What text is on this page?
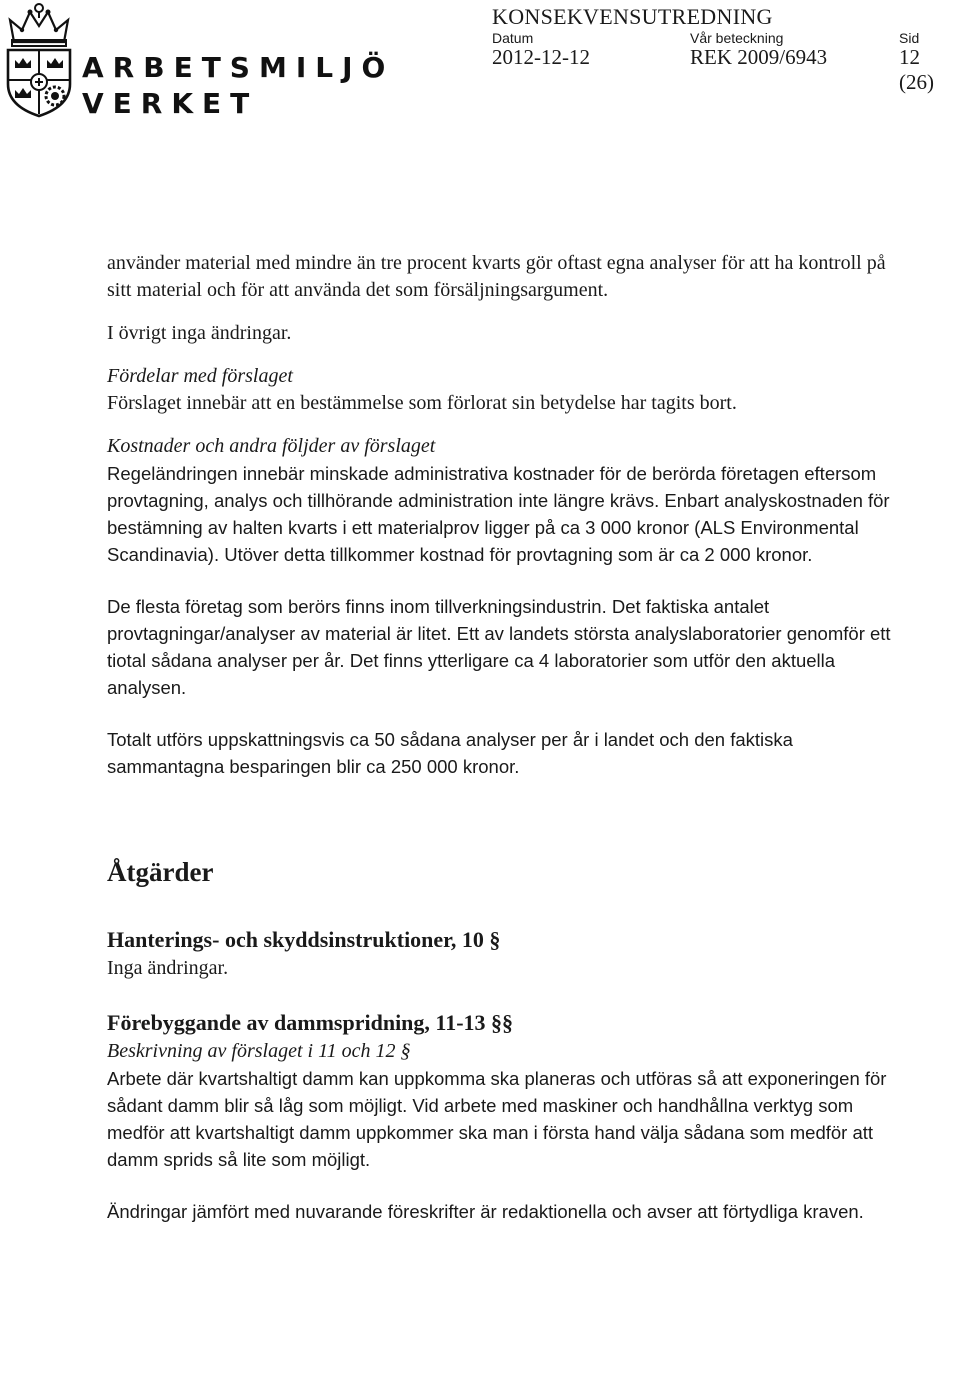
ARBETSMILJÖ
VERKET
KONSEKVENSUTREDNING
Datum
2012-12-12
Vår beteckning
REK 2009/6943
Sid
12 (26)

använder material med mindre än tre procent kvarts gör oftast egna analyser för att ha kontroll på sitt material och för att använda det som försäljningsargument.

I övrigt inga ändringar.

Fördelar med förslaget

Förslaget innebär att en bestämmelse som förlorat sin betydelse har tagits bort.

Kostnader och andra följder av förslaget

Regeländringen innebär minskade administrativa kostnader för de berörda företagen eftersom provtagning, analys och tillhörande administration inte längre krävs. Enbart analyskostnaden för bestämning av halten kvarts i ett materialprov ligger på ca 3 000 kronor (ALS Environmental Scandinavia). Utöver detta tillkommer kostnad för provtagning som är ca 2 000 kronor.

De flesta företag som berörs finns inom tillverkningsindustrin. Det faktiska antalet provtagningar/analyser av material är litet. Ett av landets största analyslaboratorier genomför ett tiotal sådana analyser per år. Det finns ytterligare ca 4 laboratorier som utför den aktuella analysen.

Totalt utförs uppskattningsvis ca 50 sådana analyser per år i landet och den faktiska sammantagna besparingen blir ca 250 000 kronor.

Åtgärder
Hanterings- och skyddsinstruktioner, 10 §

Inga ändringar.

Förebyggande av dammspridning, 11-13 §§

Beskrivning av förslaget i 11 och 12 §

Arbete där kvartshaltigt damm kan uppkomma ska planeras och utföras så att exponeringen för sådant damm blir så låg som möjligt. Vid arbete med maskiner och handhållna verktyg som medför att kvartshaltigt damm uppkommer ska man i första hand välja sådana som medför att damm sprids så lite som möjligt.

Ändringar jämfört med nuvarande föreskrifter är redaktionella och avser att förtydliga kraven.
